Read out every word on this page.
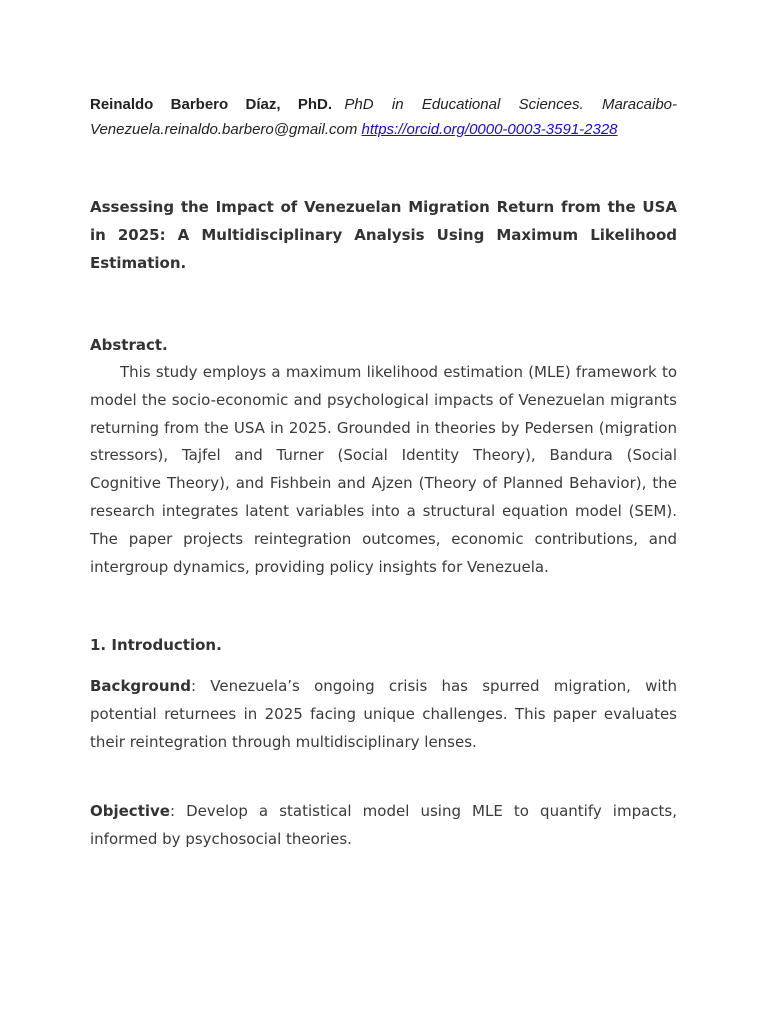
Reinaldo Barbero Díaz, PhD. PhD in Educational Sciences. Maracaibo-Venezuela.reinaldo.barbero@gmail.com https://orcid.org/0000-0003-3591-2328
Assessing the Impact of Venezuelan Migration Return from the USA in 2025: A Multidisciplinary Analysis Using Maximum Likelihood Estimation.
Abstract.
This study employs a maximum likelihood estimation (MLE) framework to model the socio-economic and psychological impacts of Venezuelan migrants returning from the USA in 2025. Grounded in theories by Pedersen (migration stressors), Tajfel and Turner (Social Identity Theory), Bandura (Social Cognitive Theory), and Fishbein and Ajzen (Theory of Planned Behavior), the research integrates latent variables into a structural equation model (SEM). The paper projects reintegration outcomes, economic contributions, and intergroup dynamics, providing policy insights for Venezuela.
1. Introduction.
Background: Venezuela’s ongoing crisis has spurred migration, with potential returnees in 2025 facing unique challenges. This paper evaluates their reintegration through multidisciplinary lenses.
Objective: Develop a statistical model using MLE to quantify impacts, informed by psychosocial theories.
